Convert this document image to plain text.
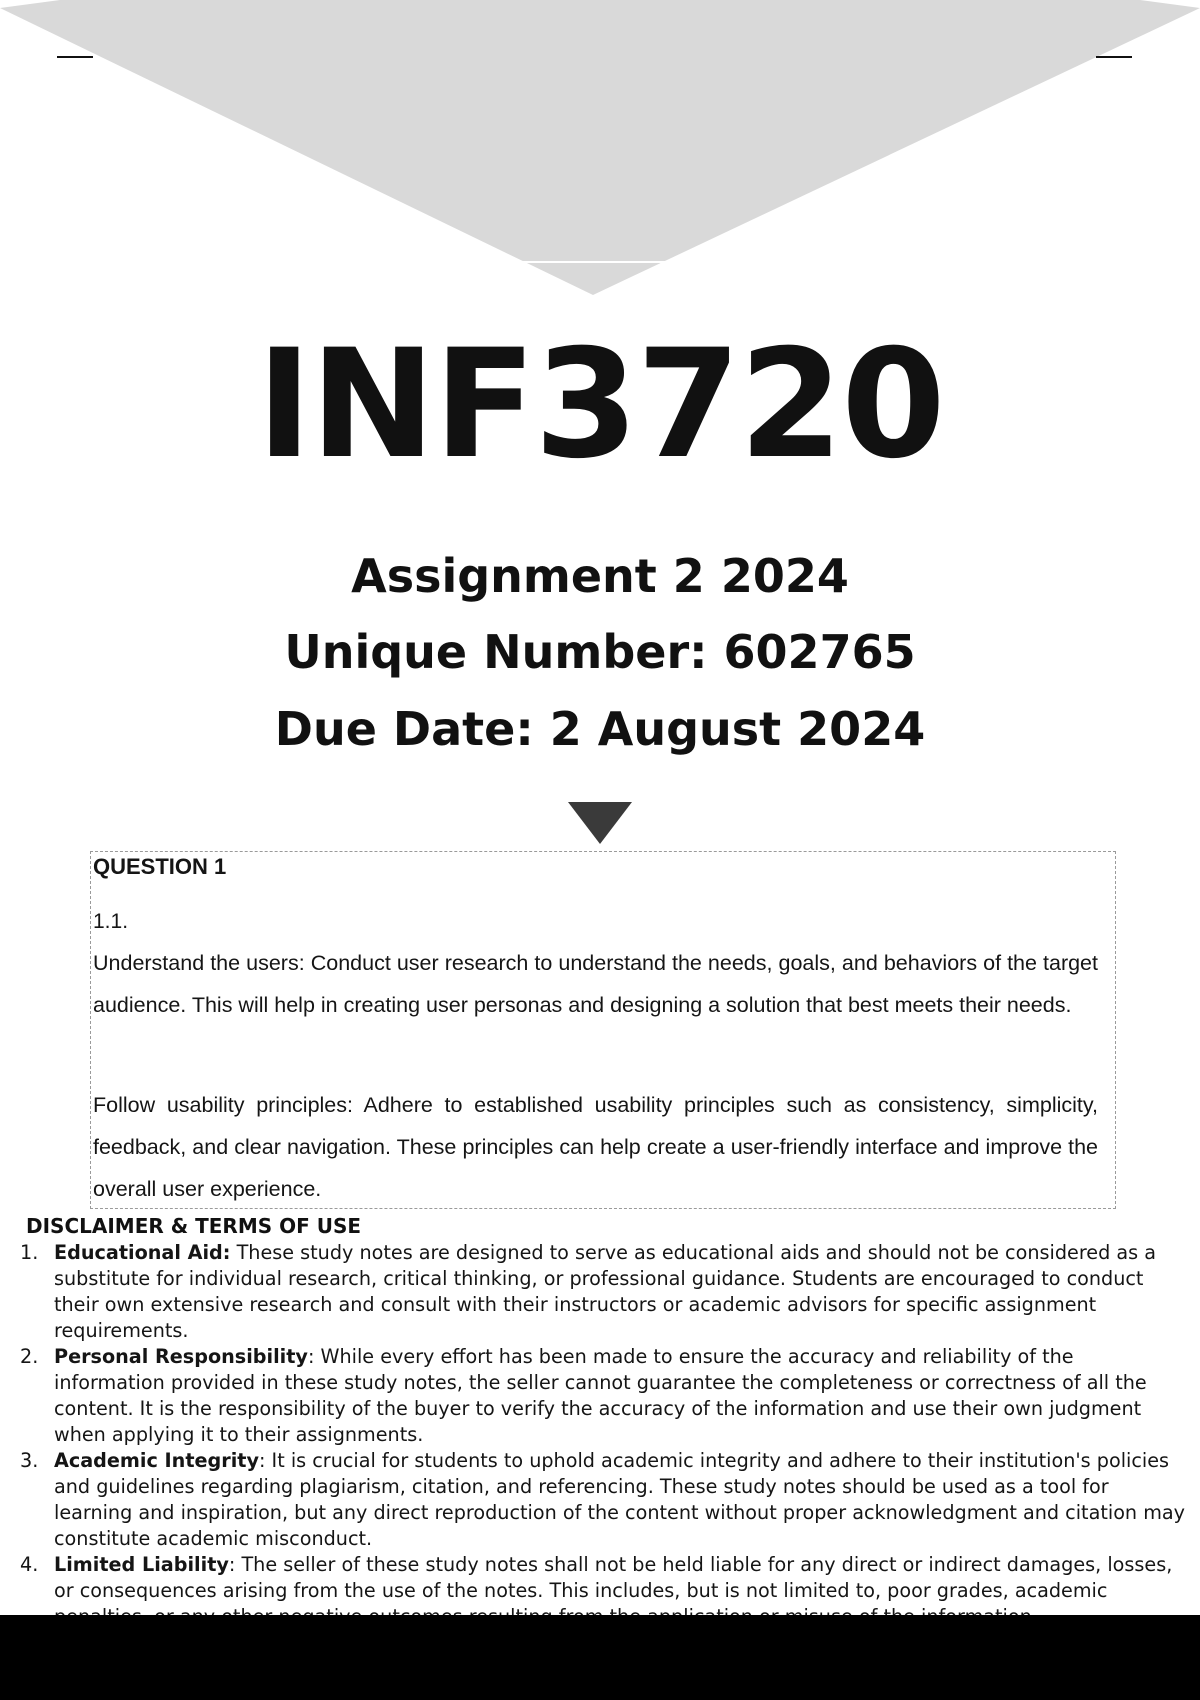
INF3720
Assignment 2 2024
Unique Number: 602765
Due Date: 2 August 2024
QUESTION 1
1.1.

Understand the users: Conduct user research to understand the needs, goals, and behaviors of the target audience. This will help in creating user personas and designing a solution that best meets their needs.

Follow usability principles: Adhere to established usability principles such as consistency, simplicity, feedback, and clear navigation. These principles can help create a user-friendly interface and improve the overall user experience.

DISCLAIMER & TERMS OF USE
1. Educational Aid: These study notes are designed to serve as educational aids and should not be considered as a substitute for individual research, critical thinking, or professional guidance. Students are encouraged to conduct their own extensive research and consult with their instructors or academic advisors for specific assignment requirements.
2. Personal Responsibility: While every effort has been made to ensure the accuracy and reliability of the information provided in these study notes, the seller cannot guarantee the completeness or correctness of all the content. It is the responsibility of the buyer to verify the accuracy of the information and use their own judgment when applying it to their assignments.
3. Academic Integrity: It is crucial for students to uphold academic integrity and adhere to their institution's policies and guidelines regarding plagiarism, citation, and referencing. These study notes should be used as a tool for learning and inspiration, but any direct reproduction of the content without proper acknowledgment and citation may constitute academic misconduct.
4. Limited Liability: The seller of these study notes shall not be held liable for any direct or indirect damages, losses, or consequences arising from the use of the notes. This includes, but is not limited to, poor grades, academic
